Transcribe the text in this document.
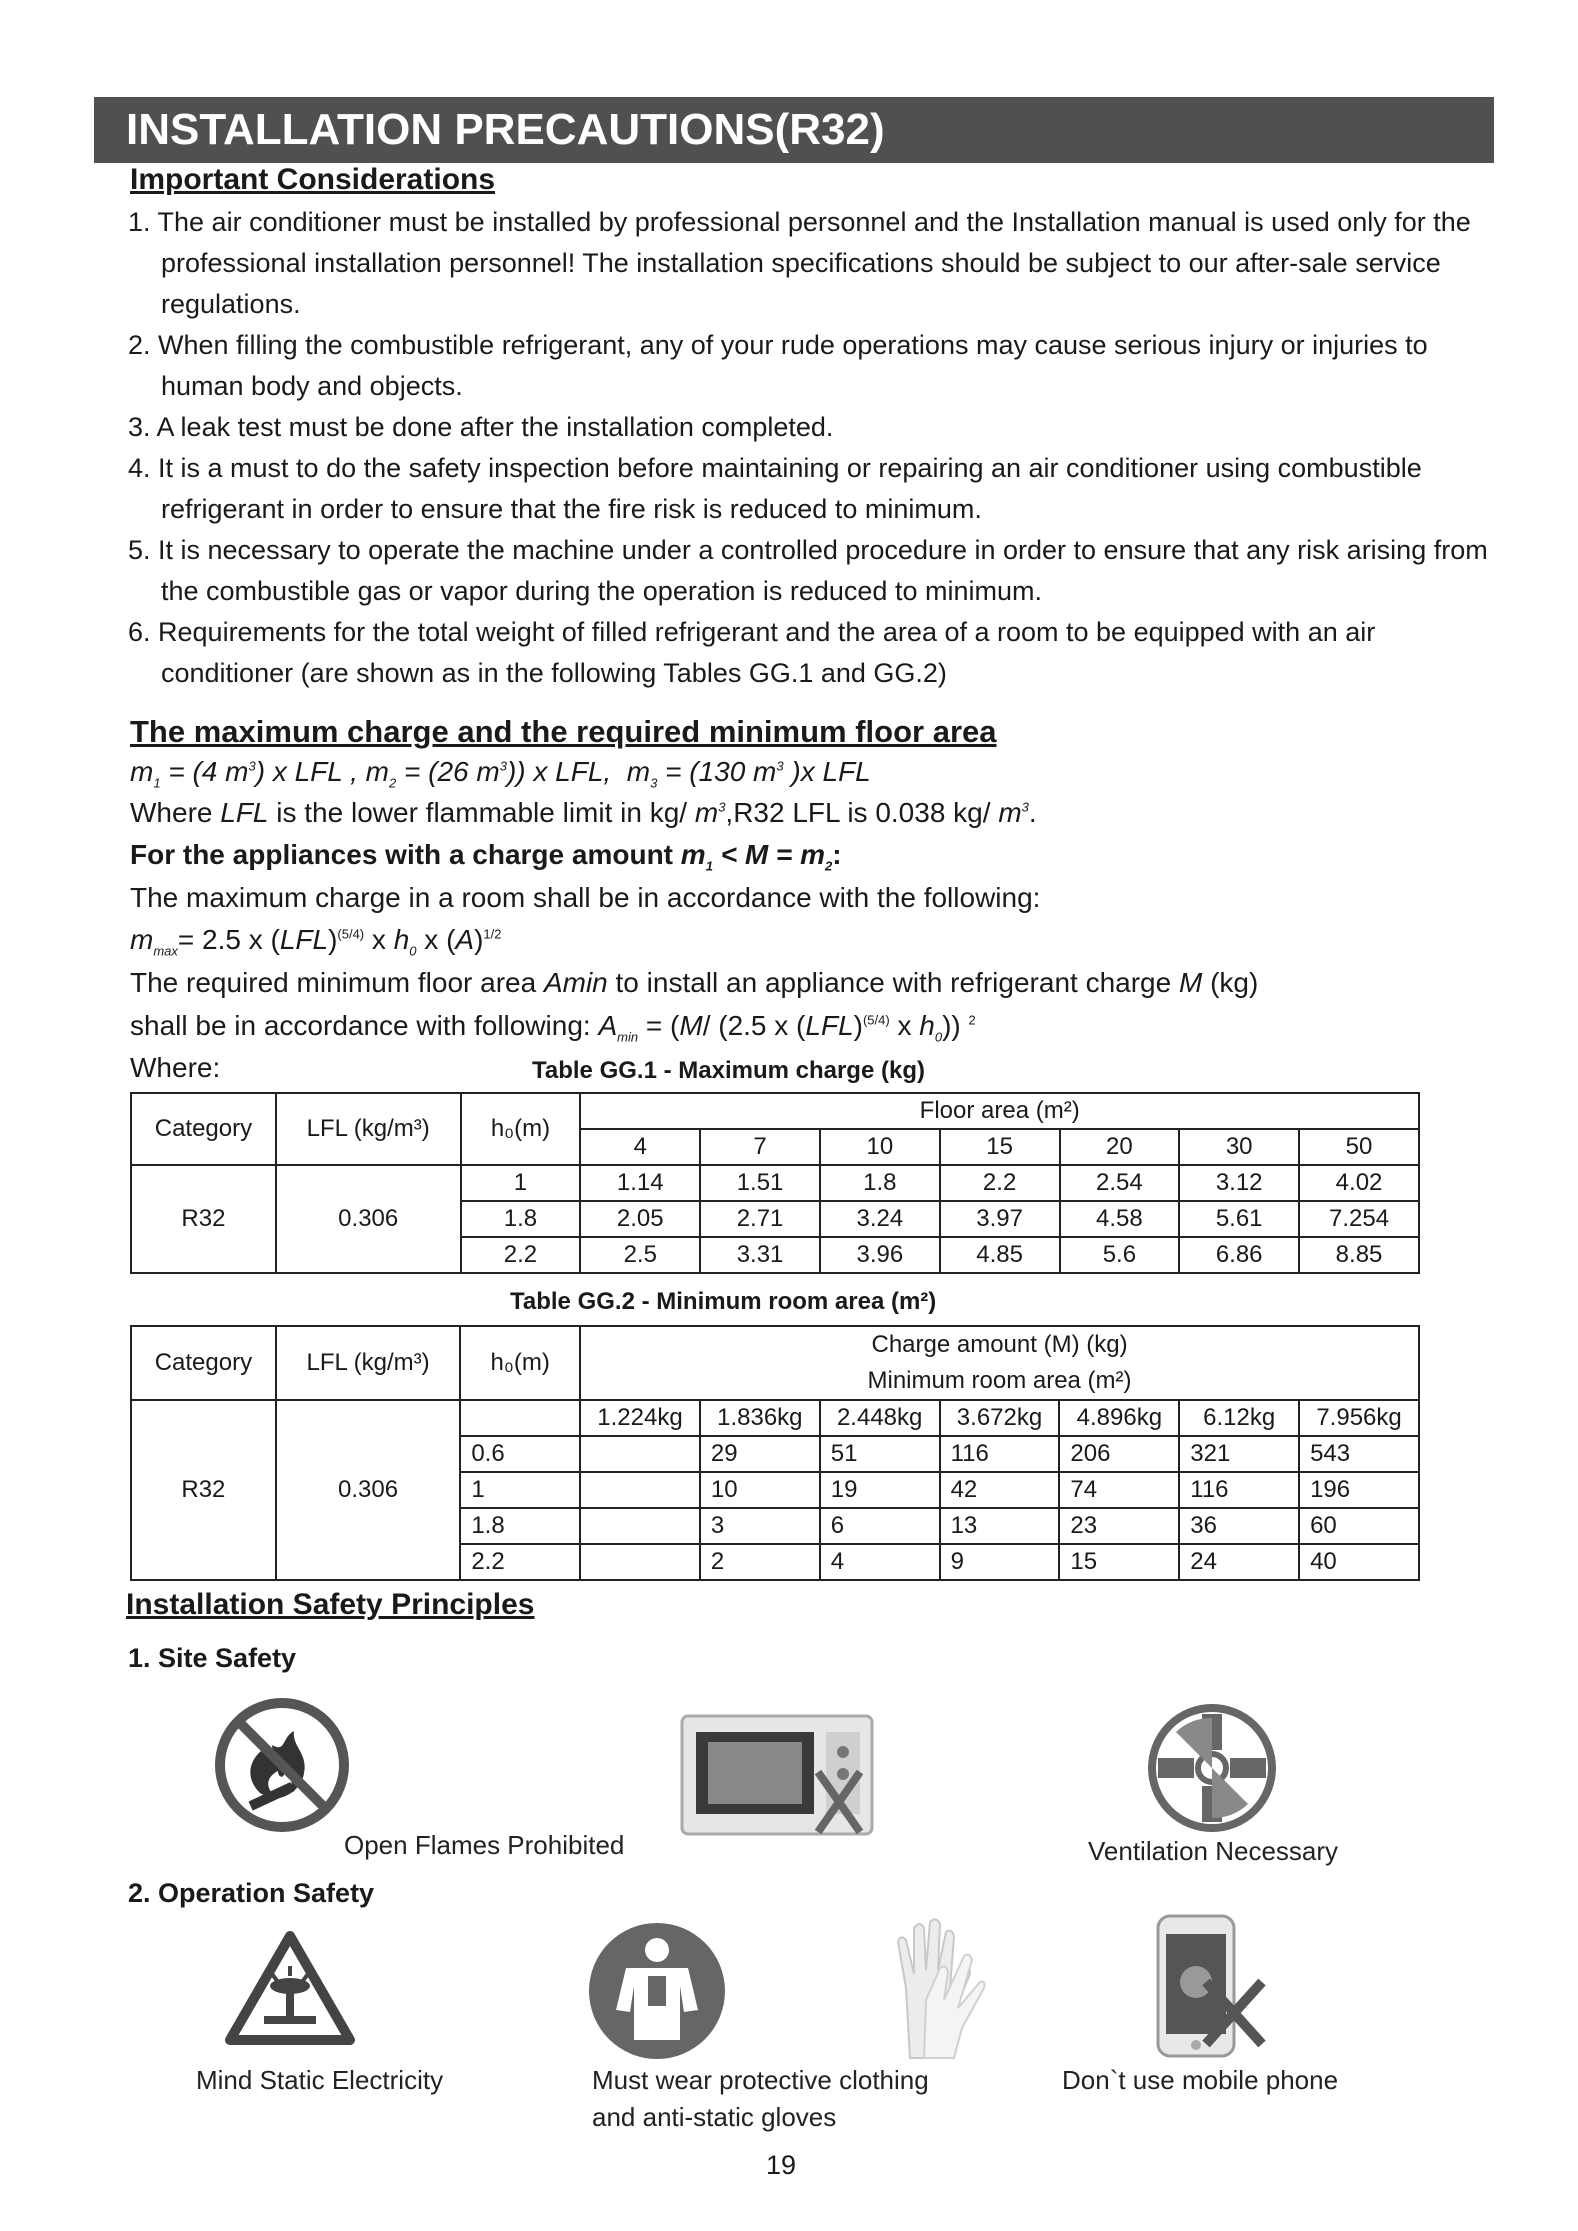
INSTALLATION PRECAUTIONS(R32)
Important Considerations
1. The air conditioner must be installed by professional personnel and the Installation manual is used only for the professional installation personnel! The installation specifications should be subject to our after-sale service regulations.
2. When filling the combustible refrigerant, any of your rude operations may cause serious injury or injuries to human body and objects.
3. A leak test must be done after the installation completed.
4. It is a must to do the safety inspection before maintaining or repairing an air conditioner using combustible refrigerant in order to ensure that the fire risk is reduced to minimum.
5. It is necessary to operate the machine under a controlled procedure in order to ensure that any risk arising from the combustible gas or vapor during the operation is reduced to minimum.
6. Requirements for the total weight of filled refrigerant and the area of a room to be equipped with an air conditioner (are shown as in the following Tables GG.1 and GG.2)
The maximum charge and the required minimum floor area
$m_1 = (4$ $m^3$) x LFL , $m_2 = (26$ $m^3$)) x LFL,  $m_3 = (130$ $m^3$ )x LFL
Where LFL is the lower flammable limit in kg/ $m^3,R32$ LFL is 0.038 kg/ $m^3$.
For the appliances with a charge amount $m_1 < M = m_2$:
The maximum charge in a room shall be in accordance with the following:
$m_{max}= 2.5$ x (LFL)$^{(5/4)}$ x $h_0$ x $(A)^{1/2}$
The required minimum floor area Amin to install an appliance with refrigerant charge M (kg)
shall be in accordance with following: $A_{min} = (M/$ (2.5 x (LFL)$^{(5/4)}$ x $h_0$)) $^2$
Where:	Table GG.1 - Maximum charge (kg)
Category	LFL (kg/m³)	h₀(m)	Floor area (m²)						
			4	7	10	15	20	30	50
R32	0.306	1	1.14	1.51	1.8	2.2	2.54	3.12	4.02
		1.8	2.05	2.71	3.24	3.97	4.58	5.61	7.254
		2.2	2.5	3.31	3.96	4.85	5.6	6.86	8.85
Table GG.2 - Minimum room area (m²)
Category	LFL (kg/m³)	h₀(m)	Charge amount (M) (kg)						
			Minimum room area (m²)						
R32	0.306		1.224kg	1.836kg	2.448kg	3.672kg	4.896kg	6.12kg	7.956kg
		0.6		29	51	116	206	321	543
		1		10	19	42	74	116	196
		1.8		3	6	13	23	36	60
		2.2		2	4	9	15	24	40
Installation Safety Principles
1. Site Safety
Open Flames Prohibited	Ventilation Necessary
2. Operation Safety
Mind Static Electricity	Must wear protective clothing
and anti-static gloves
Don`t use mobile phone
19
